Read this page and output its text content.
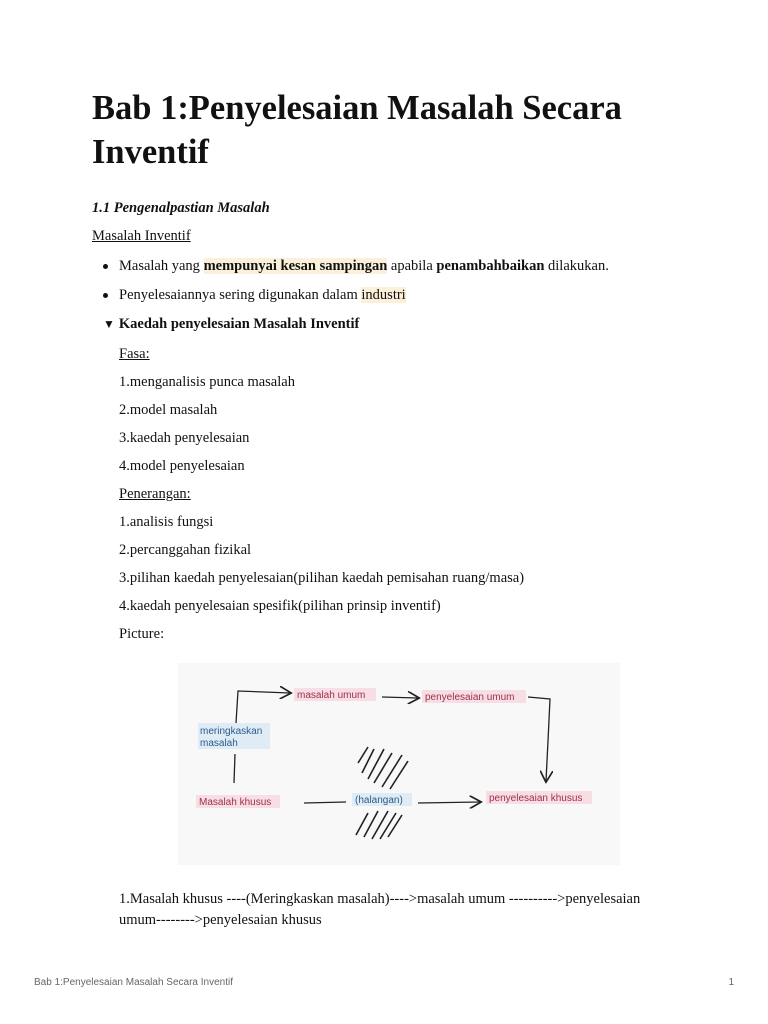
Bab 1:Penyelesaian Masalah Secara Inventif
1.1 Pengenalpastian Masalah
Masalah Inventif
Masalah yang mempunyai kesan sampingan apabila penambahbaikan dilakukan.
Penyelesaiannya sering digunakan dalam industri
▼ Kaedah penyelesaian Masalah Inventif
Fasa:
1.menganalisis punca masalah
2.model masalah
3.kaedah penyelesaian
4.model penyelesaian
Penerangan:
1.analisis fungsi
2.percanggahan fizikal
3.pilihan kaedah penyelesaian(pilihan kaedah pemisahan ruang/masa)
4.kaedah penyelesaian spesifik(pilihan prinsip inventif)
Picture:
masalah umum	penyelesaian umum
meringkaskan
masalah
Masalah khusus	(halangan)	penyelesaian khusus
1.Masalah khusus ----(Meringkaskan masalah)---->masalah umum ---------->penyelesaian umum-------->penyelesaian khusus
Bab 1:Penyelesaian Masalah Secara Inventif	1
